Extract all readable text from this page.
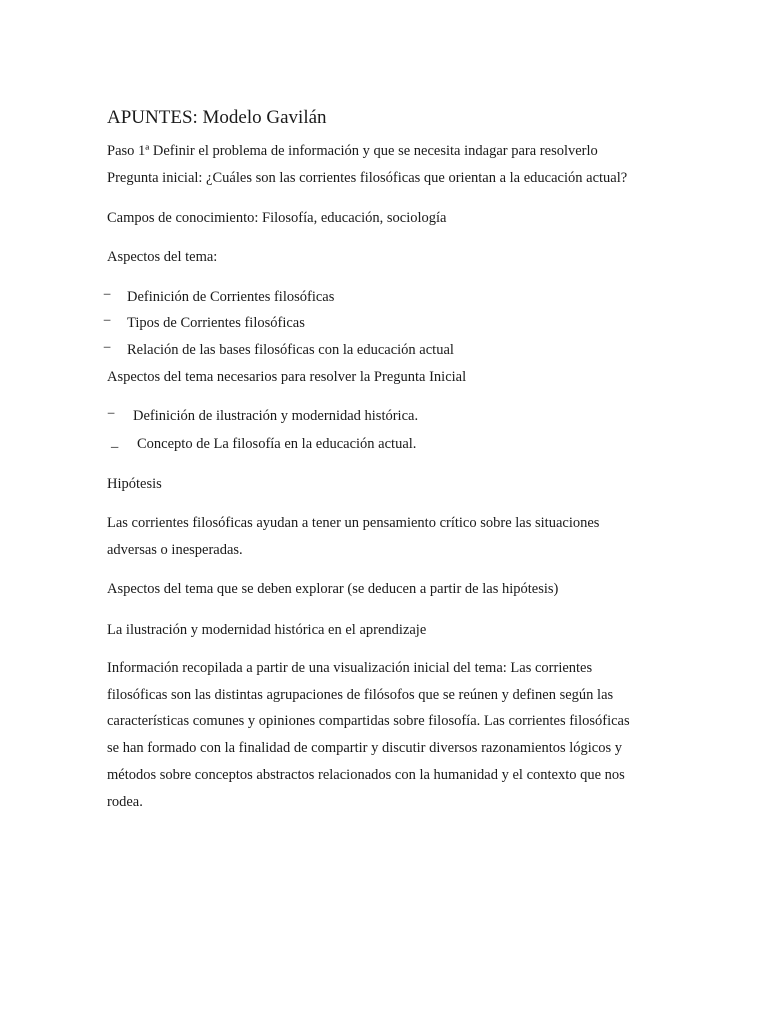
APUNTES: Modelo Gavilán

Paso 1ª Definir el problema de información y que se necesita indagar para resolverlo

Pregunta inicial: ¿Cuáles son las corrientes filosóficas que orientan a la educación actual?

Campos de conocimiento: Filosofía, educación, sociología

Aspectos del tema:

− Definición de Corrientes filosóficas
− Tipos de Corrientes filosóficas
− Relación de las bases filosóficas con la educación actual

Aspectos del tema necesarios para resolver la Pregunta Inicial

− Definición de ilustración y modernidad histórica.
_ Concepto de La filosofía en la educación actual.

Hipótesis

Las corrientes filosóficas ayudan a tener un pensamiento crítico sobre las situaciones

adversas o inesperadas.

Aspectos del tema que se deben explorar (se deducen a partir de las hipótesis)

La ilustración y modernidad histórica en el aprendizaje

Información recopilada a partir de una visualización inicial del tema: Las corrientes

filosóficas son las distintas agrupaciones de filósofos que se reúnen y definen según las

características comunes y opiniones compartidas sobre filosofía. Las corrientes filosóficas

se han formado con la finalidad de compartir y discutir diversos razonamientos lógicos y

métodos sobre conceptos abstractos relacionados con la humanidad y el contexto que nos

rodea.
